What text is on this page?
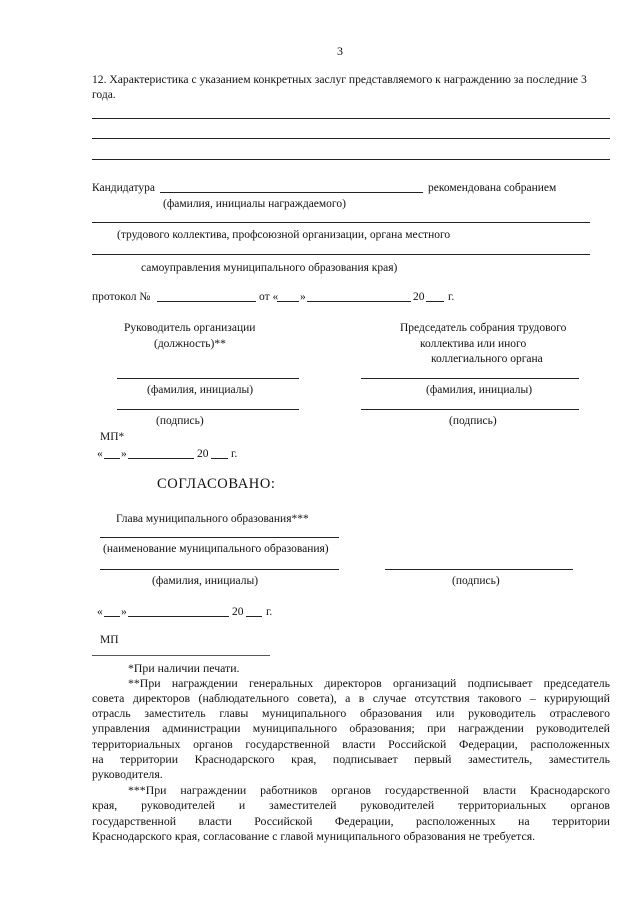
3
12. Характеристика с указанием конкретных заслуг представляемого к награждению за последние 3
года.
Кандидатура	рекомендована собранием
(фамилия, инициалы награждаемого)
(трудового коллектива, профсоюзной организации, органа местного
самоуправления муниципального образования края)
протокол №	от « »	20 г.
Руководитель организации
(должность)**
Председатель собрания трудового
коллектива или иного
коллегиального органа
(фамилия, инициалы)	(фамилия, инициалы)
(подпись)	(подпись)
МП*
« »	20 г.
СОГЛАСОВАНО:
Глава муниципального образования***
(наименование муниципального образования)
(фамилия, инициалы)	(подпись)
« »	20 г.
МП
*При наличии печати.
**При награждении генеральных директоров организаций подписывает председатель
совета директоров (наблюдательного совета), а в случае отсутствия такового – курирующий
отрасль заместитель главы муниципального образования или руководитель отраслевого
управления администрации муниципального образования; при награждении руководителей
территориальных органов государственной власти Российской Федерации, расположенных
на территории Краснодарского края, подписывает первый заместитель, заместитель
руководителя.
***При награждении работников органов государственной власти Краснодарского
края, руководителей и заместителей руководителей территориальных органов
государственной власти Российской Федерации, расположенных на территории
Краснодарского края, согласование с главой муниципального образования не требуется.
